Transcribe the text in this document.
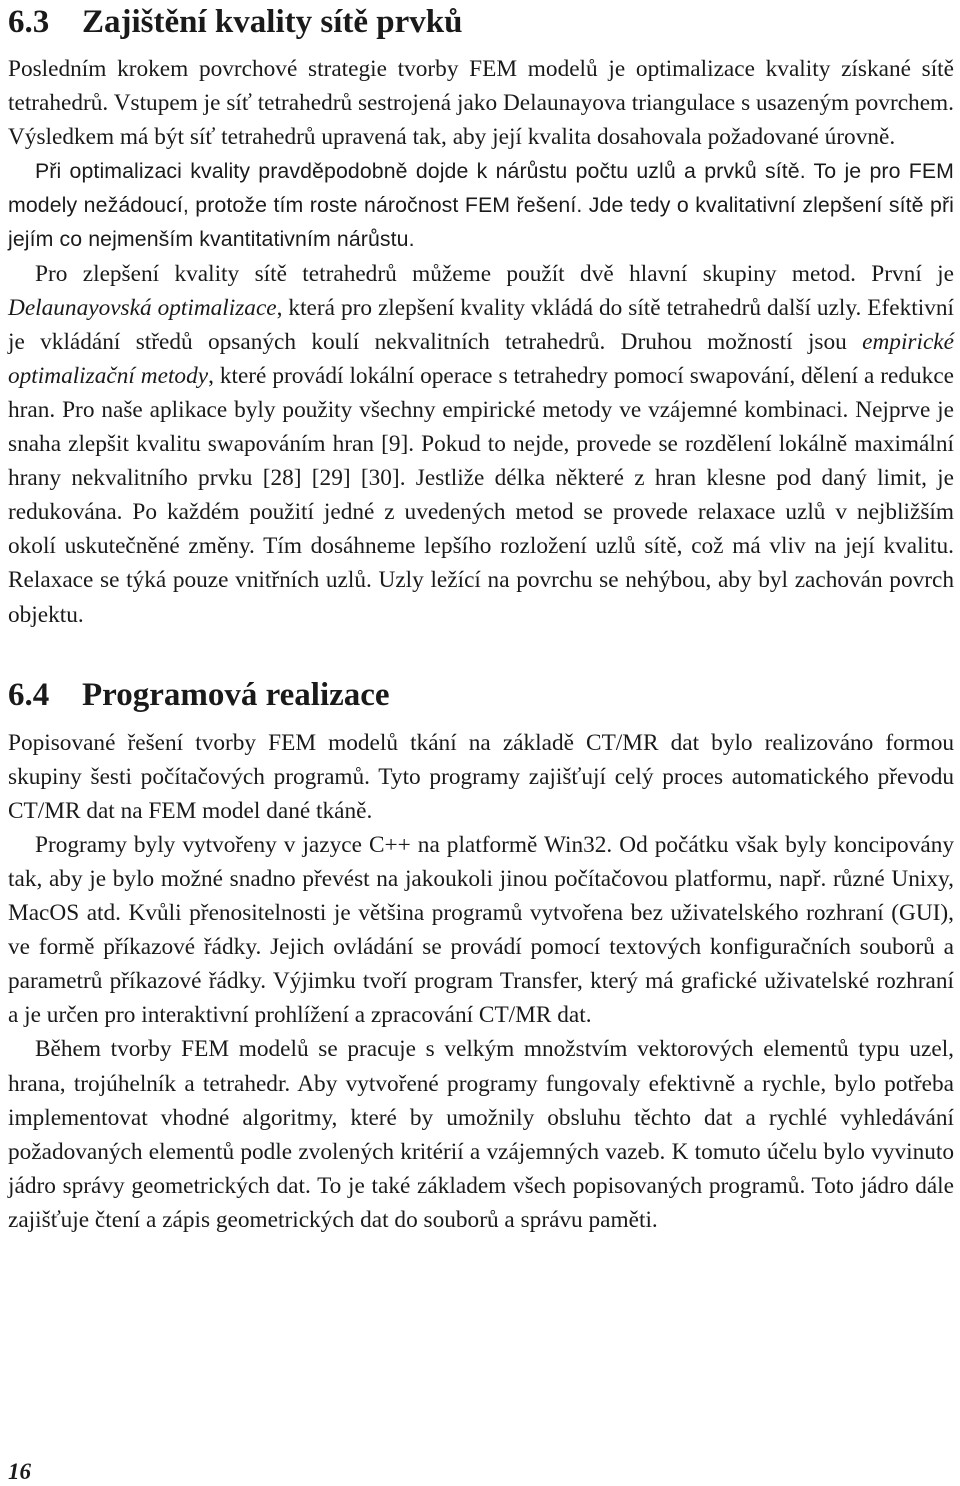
6.3 Zajištění kvality sítě prvků

Posledním krokem povrchové strategie tvorby FEM modelů je optimalizace kvality získané sítě tetrahedrů. Vstupem je síť tetrahedrů sestrojená jako Delaunayova triangulace s usazeným povrchem. Výsledkem má být síť tetrahedrů upravená tak, aby její kvalita dosahovala požadované úrovně.

Při optimalizaci kvality pravděpodobně dojde k nárůstu počtu uzlů a prvků sítě. To je pro FEM modely nežádoucí, protože tím roste náročnost FEM řešení. Jde tedy o kvalitativní zlepšení sítě při jejím co nejmenším kvantitativním nárůstu.

Pro zlepšení kvality sítě tetrahedrů můžeme použít dvě hlavní skupiny metod. První je Delaunayovská optimalizace, která pro zlepšení kvality vkládá do sítě tetrahedrů další uzly. Efektivní je vkládání středů opsaných koulí nekvalitních tetrahedrů. Druhou možností jsou empirické optimalizační metody, které provádí lokální operace s tetrahedry pomocí swapování, dělení a redukce hran. Pro naše aplikace byly použity všechny empirické metody ve vzájemné kombinaci. Nejprve je snaha zlepšit kvalitu swapováním hran [9]. Pokud to nejde, provede se rozdělení lokálně maximální hrany nekvalitního prvku [28] [29] [30]. Jestliže délka některé z hran klesne pod daný limit, je redukována. Po každém použití jedné z uvedených metod se provede relaxace uzlů v nejbližším okolí uskutečněné změny. Tím dosáhneme lepšího rozložení uzlů sítě, což má vliv na její kvalitu. Relaxace se týká pouze vnitřních uzlů. Uzly ležící na povrchu se nehýbou, aby byl zachován povrch objektu.

6.4 Programová realizace

Popisované řešení tvorby FEM modelů tkání na základě CT/MR dat bylo realizováno formou skupiny šesti počítačových programů. Tyto programy zajišťují celý proces automatického převodu CT/MR dat na FEM model dané tkáně.

Programy byly vytvořeny v jazyce C++ na platformě Win32. Od počátku však byly koncipovány tak, aby je bylo možné snadno převést na jakoukoli jinou počítačovou platformu, např. různé Unixy, MacOS atd. Kvůli přenositelnosti je většina programů vytvořena bez uživatelského rozhraní (GUI), ve formě příkazové řádky. Jejich ovládání se provádí pomocí textových konfiguračních souborů a parametrů příkazové řádky. Výjimku tvoří program Transfer, který má grafické uživatelské rozhraní a je určen pro interaktivní prohlížení a zpracování CT/MR dat.

Během tvorby FEM modelů se pracuje s velkým množstvím vektorových elementů typu uzel, hrana, trojúhelník a tetrahedr. Aby vytvořené programy fungovaly efektivně a rychle, bylo potřeba implementovat vhodné algoritmy, které by umožnily obsluhu těchto dat a rychlé vyhledávání požadovaných elementů podle zvolených kritérií a vzájemných vazeb. K tomuto účelu bylo vyvinuto jádro správy geometrických dat. To je také základem všech popisovaných programů. Toto jádro dále zajišťuje čtení a zápis geometrických dat do souborů a správu paměti.

16
